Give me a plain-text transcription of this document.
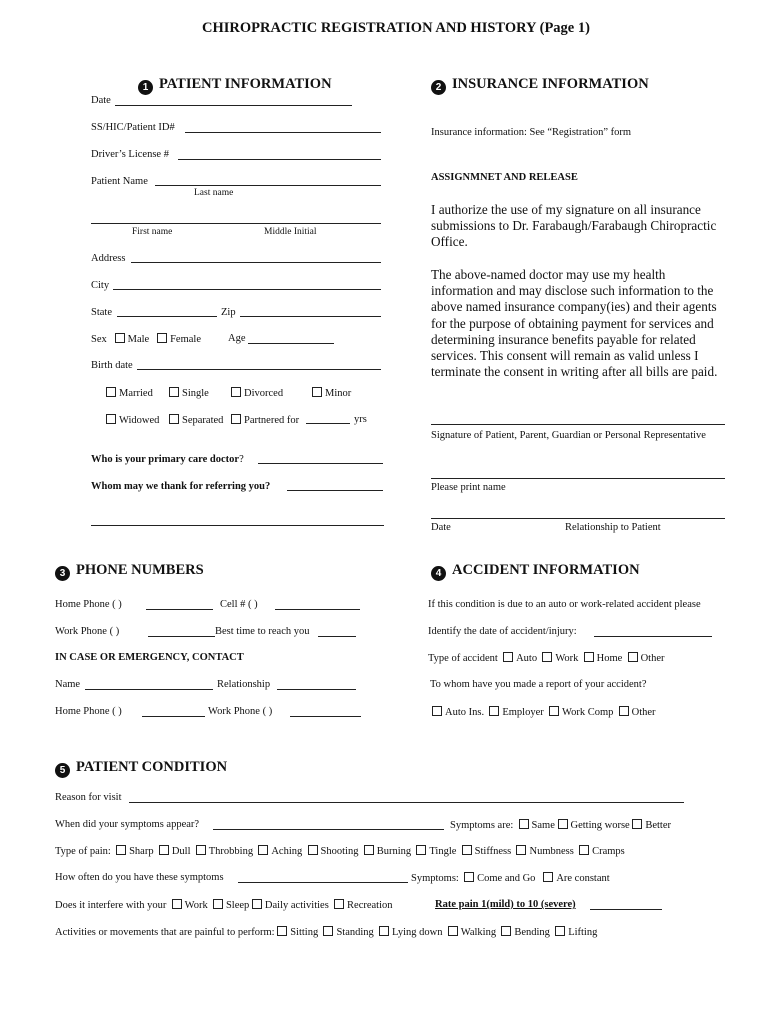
CHIROPRACTIC REGISTRATION AND HISTORY (Page 1)
1 PATIENT INFORMATION
Date
SS/HIC/Patient ID#
Driver’s License #
Patient Name
Last name
First name	Middle Initial
Address
City
State	Zip
Sex Male Female	Age
Birth date
Married	Single	Divorced	Minor
Widowed	Separated	Partnered for	yrs
Who is your primary care doctor?
Whom may we thank for referring you?
2 INSURANCE INFORMATION
Insurance information: See “Registration” form
ASSIGNMNET AND RELEASE
I authorize the use of my signature on all insurance submissions to Dr. Farabaugh/Farabaugh Chiropractic Office.
The above-named doctor may use my health information and may disclose such information to the above named insurance company(ies) and their agents for the purpose of obtaining payment for services and determining insurance benefits payable for related services. This consent will remain as valid unless I terminate the consent in writing after all bills are paid.
Signature of Patient, Parent, Guardian or Personal Representative
Please print name
Date	Relationship to Patient
3 PHONE NUMBERS
Home Phone ( )	Cell # ( )
Work Phone ( )	Best time to reach you
IN CASE OR EMERGENCY, CONTACT
Name	Relationship
Home Phone ( )	Work Phone ( )
4 ACCIDENT INFORMATION
If this condition is due to an auto or work-related accident please
Identify the date of accident/injury:
Type of accident Auto Work Home Other
To whom have you made a report of your accident?
Auto Ins. Employer Work Comp Other
5 PATIENT CONDITION
Reason for visit
When did your symptoms appear?	Symptoms are: Same Getting worse Better
Type of pain: Sharp Dull Throbbing Aching Shooting Burning Tingle Stiffness Numbness Cramps
How often do you have these symptoms	Symptoms: Come and Go Are constant
Does it interfere with your Work Sleep Daily activities Recreation	Rate pain 1(mild) to 10 (severe)
Activities or movements that are painful to perform: Sitting Standing Lying down Walking Bending Lifting
